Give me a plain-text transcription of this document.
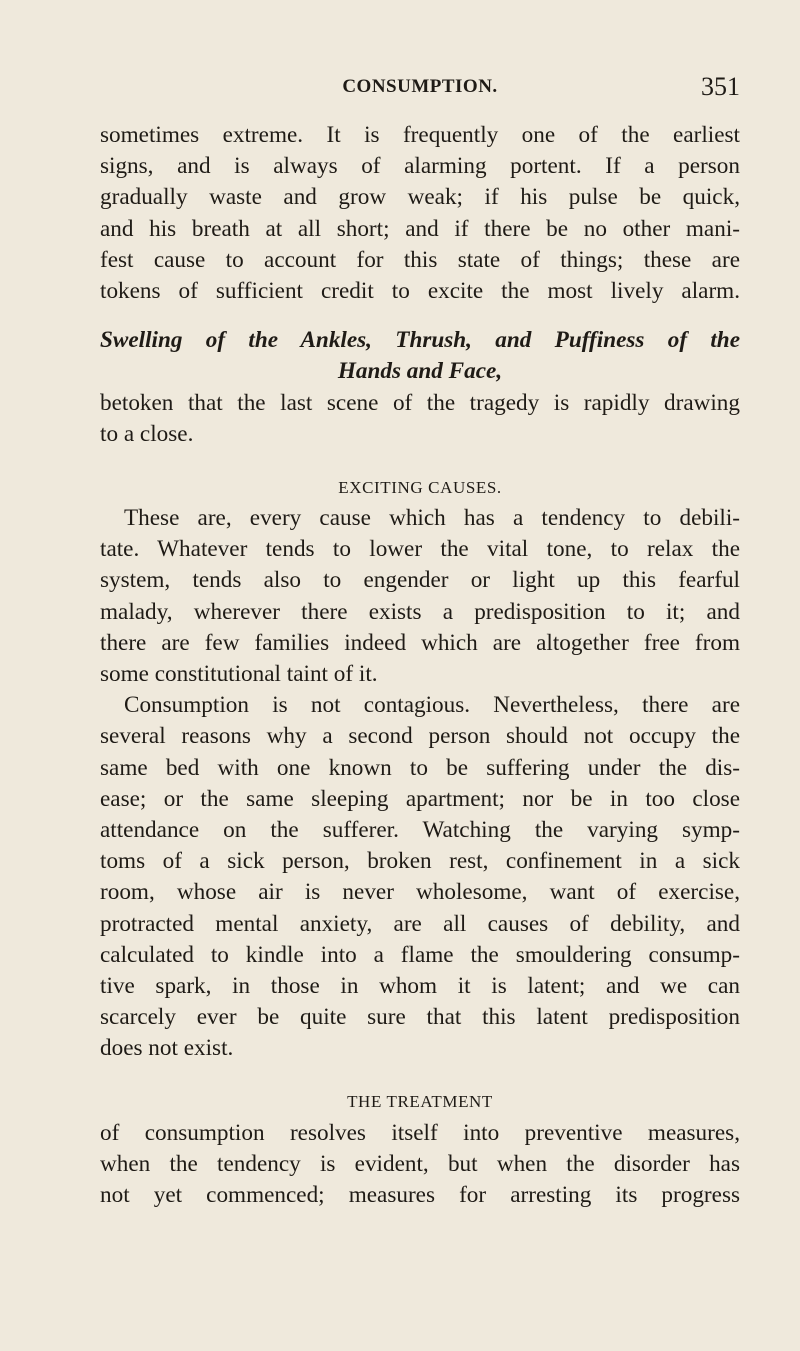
CONSUMPTION.	351
sometimes extreme. It is frequently one of the earliest
signs, and is always of alarming portent. If a person
gradually waste and grow weak; if his pulse be quick,
and his breath at all short; and if there be no other mani-
fest cause to account for this state of things; these are
tokens of sufficient credit to excite the most lively alarm.
Swelling of the Ankles, Thrush, and Puffiness of the
Hands and Face,
betoken that the last scene of the tragedy is rapidly drawing
to a close.
EXCITING CAUSES.
These are, every cause which has a tendency to debili-
tate. Whatever tends to lower the vital tone, to relax the
system, tends also to engender or light up this fearful
malady, wherever there exists a predisposition to it; and
there are few families indeed which are altogether free from
some constitutional taint of it.
Consumption is not contagious. Nevertheless, there are
several reasons why a second person should not occupy the
same bed with one known to be suffering under the dis-
ease; or the same sleeping apartment; nor be in too close
attendance on the sufferer. Watching the varying symp-
toms of a sick person, broken rest, confinement in a sick
room, whose air is never wholesome, want of exercise,
protracted mental anxiety, are all causes of debility, and
calculated to kindle into a flame the smouldering consump-
tive spark, in those in whom it is latent; and we can
scarcely ever be quite sure that this latent predisposition
does not exist.
THE TREATMENT
of consumption resolves itself into preventive measures,
when the tendency is evident, but when the disorder has
not yet commenced; measures for arresting its progress
